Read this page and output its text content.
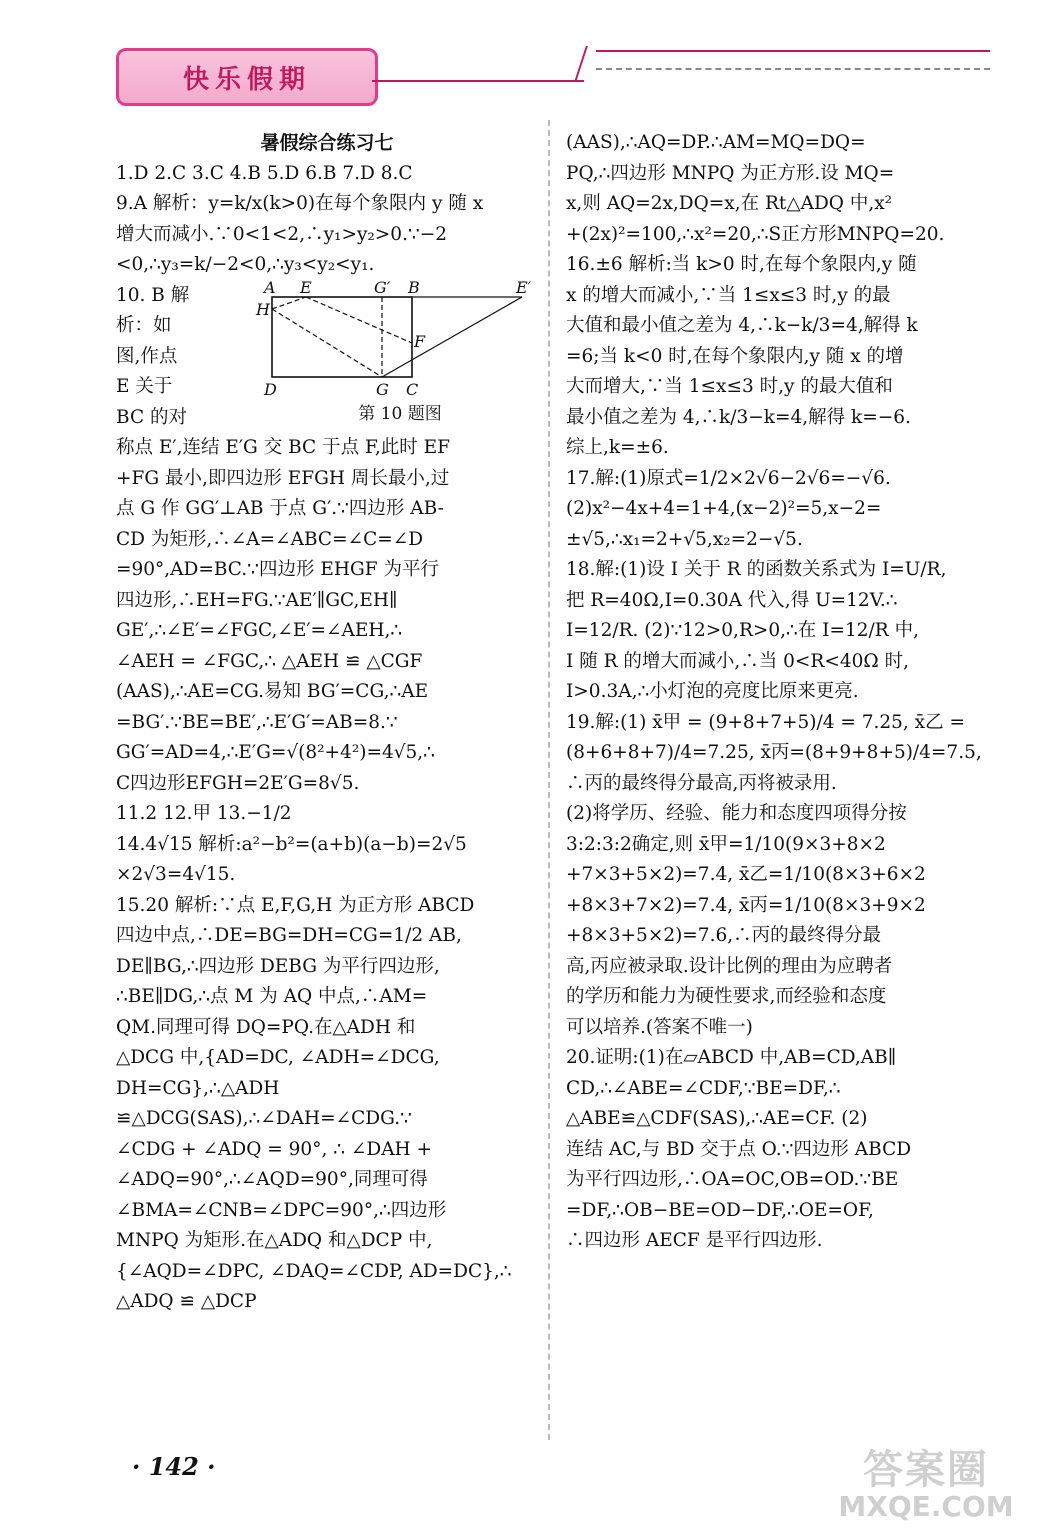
快乐假期

暑假综合练习七

1.D 2.C 3.C 4.B 5.D 6.B 7.D 8.C

9.A 解析：y=k/x(k>0)在每个象限内 y 随 x

增大而减小.∵0<1<2,∴y₁>y₂>0.∵−2

<0,∴y₃=k/−2<0,∴y₃<y₂<y₁.

10. B 解

析：如

图,作点

E 关于

BC 的对

A E	G′ B	E′
H
F
D	G C

第 10 题图

称点 E′,连结 E′G 交 BC 于点 F,此时 EF

+FG 最小,即四边形 EFGH 周长最小,过

点 G 作 GG′⊥AB 于点 G′.∵四边形 AB-

CD 为矩形,∴∠A=∠ABC=∠C=∠D

=90°,AD=BC.∵四边形 EHGF 为平行

四边形,∴EH=FG.∵AE′∥GC,EH∥

GE′,∴∠E′=∠FGC,∠E′=∠AEH,∴

∠AEH = ∠FGC,∴ △AEH ≌ △CGF

(AAS),∴AE=CG.易知 BG′=CG,∴AE

=BG′.∵BE=BE′,∴E′G′=AB=8.∵

GG′=AD=4,∴E′G=√(8²+4²)=4√5,∴

C四边形EFGH=2E′G=8√5.

11.2 12.甲 13.−1/2

14.4√15 解析:a²−b²=(a+b)(a−b)=2√5

×2√3=4√15.

15.20 解析:∵点 E,F,G,H 为正方形 ABCD

四边中点,∴DE=BG=DH=CG=1/2 AB,

DE∥BG,∴四边形 DEBG 为平行四边形,

∴BE∥DG,∴点 M 为 AQ 中点,∴AM=

QM.同理可得 DQ=PQ.在△ADH 和

△DCG 中,{AD=DC, ∠ADH=∠DCG, DH=CG},∴△ADH

≌△DCG(SAS),∴∠DAH=∠CDG.∵

∠CDG + ∠ADQ = 90°, ∴ ∠DAH +

∠ADQ=90°,∴∠AQD=90°,同理可得

∠BMA=∠CNB=∠DPC=90°,∴四边形

MNPQ 为矩形.在△ADQ 和△DCP 中,

{∠AQD=∠DPC, ∠DAQ=∠CDP, AD=DC},∴ △ADQ ≌ △DCP

(AAS),∴AQ=DP.∴AM=MQ=DQ=

PQ,∴四边形 MNPQ 为正方形.设 MQ=

x,则 AQ=2x,DQ=x,在 Rt△ADQ 中,x²

+(2x)²=100,∴x²=20,∴S正方形MNPQ=20.

16.±6 解析:当 k>0 时,在每个象限内,y 随

x 的增大而减小,∵当 1≤x≤3 时,y 的最

大值和最小值之差为 4,∴k−k/3=4,解得 k

=6;当 k<0 时,在每个象限内,y 随 x 的增

大而增大,∵当 1≤x≤3 时,y 的最大值和

最小值之差为 4,∴k/3−k=4,解得 k=−6.

综上,k=±6.

17.解:(1)原式=1/2×2√6−2√6=−√6.

(2)x²−4x+4=1+4,(x−2)²=5,x−2=

±√5,∴x₁=2+√5,x₂=2−√5.

18.解:(1)设 I 关于 R 的函数关系式为 I=U/R,

把 R=40Ω,I=0.30A 代入,得 U=12V.∴

I=12/R. (2)∵12>0,R>0,∴在 I=12/R 中,

I 随 R 的增大而减小,∴当 0<R<40Ω 时,

I>0.3A,∴小灯泡的亮度比原来更亮.

19.解:(1) x̄甲 = (9+8+7+5)/4 = 7.25, x̄乙 =

(8+6+8+7)/4=7.25, x̄丙=(8+9+8+5)/4=7.5,

∴丙的最终得分最高,丙将被录用.

(2)将学历、经验、能力和态度四项得分按

3:2:3:2确定,则 x̄甲=1/10(9×3+8×2

+7×3+5×2)=7.4, x̄乙=1/10(8×3+6×2

+8×3+7×2)=7.4, x̄丙=1/10(8×3+9×2

+8×3+5×2)=7.6,∴丙的最终得分最

高,丙应被录取.设计比例的理由为应聘者

的学历和能力为硬性要求,而经验和态度

可以培养.(答案不唯一)

20.证明:(1)在▱ABCD 中,AB=CD,AB∥

CD,∴∠ABE=∠CDF,∵BE=DF,∴

△ABE≌△CDF(SAS),∴AE=CF. (2)

连结 AC,与 BD 交于点 O.∵四边形 ABCD

为平行四边形,∴OA=OC,OB=OD.∵BE

=DF,∴OB−BE=OD−DF,∴OE=OF,

∴四边形 AECF 是平行四边形.

· 142 ·	答案圈
MXQE.COM
